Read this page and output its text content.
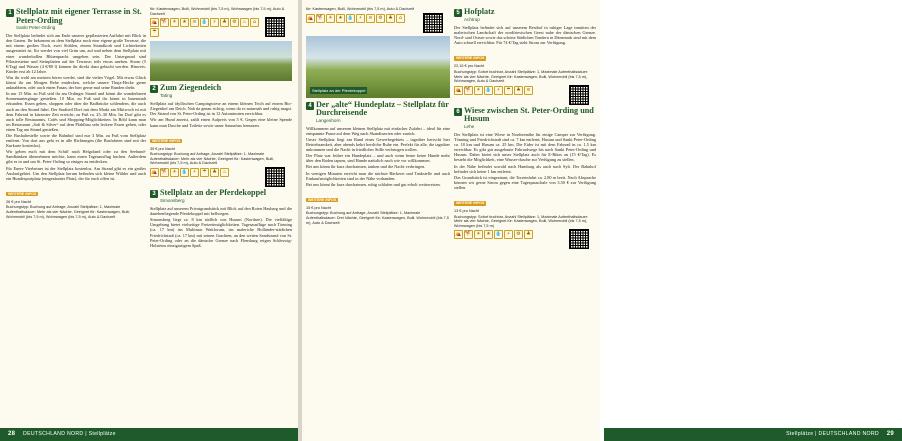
1 Stellplatz mit eigener Terrasse in St. Peter-Ording
Sankt Peter-Ording

Der Stellplatz befindet sich am Ende unserer gepflasterten Auffahrt mit Blick in den Garten. Ihr bekommt zu dem Stellplatz noch eine eigene große Terrasse, die mit einem großen Tisch, zwei Stühlen, einem Strandkorb und Lichterketten ausgestattet ist. Ihr werdet von viel Grün um, auf und neben dem Stellplatz mit einer wunderbollen Blütenpracht umgeben sein. Der Untergrund sind Pflastersteine und Steinplatten auf der Terrasse; teils etwas uneben. Strom (5 €/Tag) und Wasser (4 €/80 l) können ihr direkt dazu gebucht werden. Hinweis: Kinder erst ab 12 Jahre.

Was ihr wohl am meisten hören werdet, sind die vielen Vögel. Mit etwas Glück könnt ihr am Morgen Rehe entdecken, welche unsere Thuja-Hecke gerne anknabbern, oder auch einen Fasan, der hier gerne mal seine Runden dreht.

In nur 15 Min. zu Fuß seid ihr am Ordinger Strand und könnt die wunderbaren Sonnenuntergänge genießen. 10 Min. zu Fuß und ihr könnt in Innenstadt erkunden. Essen gehen, shoppen oder über die Badbrücke schlendern, die auch auch an den Strand führt. Der Stadtteil Dorf mit dem Markt am Mittwoch ist mit dem Fahrrad in kürzester Zeit erreicht; zu Fuß ca. 25–30 Min. Im Dorf gibt es auch tolle Restaurants, Cafés und Shopping-Möglichkeiten. In Böhl kann man im Restaurant „Salt & Silver“ auf dem Pfahlbau sehr leckere Essen gehen, oder einen Tag am Strand genießen.

Die Bushaltestelle sowie die Bahnhof sind nur 3 Min. zu Fuß vom Stellplatz entfernt. Von dort aus geht es in alle Richtungen (die Busfahrten sind mit der Kurkarte kostenlos).

Wir geben euch mit dem Schiff nach Helgoland oder zu den Seehund-Sandbänken übernehmen möchte, kann einen Tagesausflug buchen. Außerdem gibt es in und um St. Peter-Ording so einiges zu entdecken.

Für Euere Vierbeiner ist der Stellplatz kostenlos. Am Strand gibt es ein großes Auslaufgebiet. Um den Stellplatz herum befinden sich kleine Wälder und auch ein Hundesportplatz (eingezäunter Platz), der für euch offen ist.

WEITERE INFOS
26 € pro Nacht
Buchungstyp: Buchung auf Anfrage, Anzahl Stellplätze: 1, Maximale Aufenthaltsdauer: Mehr als vier Nächte, Geeignet für: Kastenwagen, Bulli, Wohnmobil (bis 7,5 m), Wohnwagen (bis 7,5 m), Auto & Dachzelt
für: Kastenwagen, Bulli, Wohnmobil (bis 7,5 m), Wohnwagen (bis 7,5 m), Auto & Dachzelt
⛺ 🐕 ☀	★	≋ 💧	⚡	♣	⚙	♨	⌂
☂
2 Zum Ziegendeich
Tating

Stellplatz auf idyllischen Campingwiese an einem kleinen Teich auf einem Bio-Ziegenhof am Deich. Nah da genau richtig, wenn du es naturnah und ruhig magst. Der Strand von St. Peter-Ording ist in 12 Autominuten erreichbar.

Wir am Hund anreist, zahlt einen Aufpreis von 5 €. Gegen eine kleine Spende kann man Dusche und Toilette sowie unser Saunafass benutzen.

WEITERE INFOS
35 € pro Nacht
Buchungstyp: Buchung auf Anfrage, Anzahl Stellplätze: 1, Maximale Aufenthaltsdauer: Mehr als vier Nächte, Geeignet für: Kastenwagen, Bulli, Wohnmobil (bis 7,5 m), Auto & Dachzelt
⛺ 🐕 ☀ 💧	⚡	☂	♣	♨
3 Stellplatz an der Pferdekoppel
Simonsberg

Stellplatz auf unserem Privatgrundstück mit Blick auf den Roten Haubarg und die danebenliegende Pferdekoppel mit bellwegen.

Simonsberg liegt ca. 8 km südlich von Husum (Nordsee). Die vielfältige Umgebung bietet vielseitige Freizeitmöglichkeiten. Tagesausflüge nach Tönning (ca. 17 km) ins Multimar Wattforum, ins maleriche Holländer-städtchen Friedrichstadt (ca. 17 km) mit seinen Grachten, an den weiten Sandstrand von St. Peter-Ording oder an die dänische Grenze nach Flensburg reigen Schleswig-Holsteins einzigartigem Spaß.

28 DEUTSCHLAND NORD | Stellplätze
für: Kastenwagen, Bulli, Wohnmobil (bis 7,5 m), Auto & Dachzelt
⛺ 🐕 ☀	★ 💧	⚡	≋	⚙	♣	⌂
Stellplatz an der Pferdekoppel
4 Der „alte“ Hundeplatz – Stellplatz für Durchreisende
Langenhorn

Willkommen auf unserem kleinen Stellplatz mit einfacher Zufahrt – ideal für eine entspannte Pause auf dem Weg nach Skandinavien oder zurück.

Unser Stellplatz liegt am Rand eines Gewerbegebiets – tagsüber herrscht hier Betriebsamkeit, aber abends kehrt herrliche Ruhe ein. Perfekt für alle, die tagsüber unkommen und die Nacht in friedlicher Stille verbringen wollen.

Der Platz war früher ein Hundeplatz – und auch wenn heute keine Hunde mehr über den Boden tapsen, sind Hunde natürlich nach wie vor willkommen.

Bei uns könnt ihr kurz durchatmen, tanken und die Nacht verbringen.

In wenigen Minuten erreicht man die nächste Bäckerei und Tankstelle und auch Einkaufsmöglichkeiten sind in der Nähe vorhanden.

Bei uns könnt ihr kurz durchatmen, ruhig schlafen und gut erholt weiterreisen.

WEITERE INFOS
15 € pro Nacht
Buchungstyp: Buchung auf Anfrage, Anzahl Stellplätze: 1, Maximale Aufenthaltsdauer: Drei Nächte, Geeignet für: Kastenwagen, Bulli, Wohnmobil (bis 7,5 m), Auto & Dachzelt
5 Hofplatz
Achtrup

Der Stellplatz befindet sich auf unserem Resthof in ruhiger Lage inmitten der malerischen Landschaft der nordfriesischen Geest nahe der dänischen Grenze. Nord- und Ostsee sowie das schöne Städtchen Tondern in Dänemark sind mit dem Auto schnell erreichbar. Für 74 €/Tag steht Strom zur Verfügung.

WEITERE INFOS
22,15 € pro Nacht
Buchungstyp: Sofort buchbar, Anzahl Stellplätze: 1, Maximale Aufenthaltsdauer: Mehr als vier Nächte, Geeignet für: Kastenwagen, Bulli, Wohnmobil (bis 7,5 m), Wohnwagen, Auto & Dachzelt
⛺ 🐕 ☀ 💧	⚡	☂	♣	≋
6 Wiese zwischen St. Peter-Ording und Husum
Lehe

Der Stellplatz ist eine Wiese in Nordseenähe für einige Camper zur Verfügung. Tönning und Friedrichstadt sind ca. 7 km entfernt, Husum und Sankt Peter-Ording ca. 18 km und Husum ca. 25 km. Die Eider ist mit dem Fahrrad in ca. 1,5 km erreichbar. Es gibt gut ausgebaute Fahrradwege bis nach Sankt Peter-Ording und Husum. Daher bietet sich unser Stellplatz auch für E-Bikes an (15 €/Tag). Es besteht die Möglichkeit, eine Wasser-dusche zur Verfügung zu stellen.

In der Nähe befindet sowohl nach Hamburg als auch nach Sylt. Der Bahnhof befindet sich keine 1 km entfernt.

Das Grundstück ist eingezäunt, die Torreinfahrt ca. 2,80 m breit. Nach Absprache können wir gerne Strom gegen eine Tagespauschale von 3,50 € zur Verfügung stellen.

WEITERE INFOS
13 € pro Nacht
Buchungstyp: Sofort buchbar, Anzahl Stellplätze: 1, Maximale Aufenthaltsdauer: Mehr als vier Nächte, Geeignet für: Kastenwagen, Bulli, Wohnmobil (bis 7,5 m), Wohnwagen (bis 7,5 m)
⛺ 🐕 ☀	★ 💧	⚡	⚙	♣
Stellplätze | DEUTSCHLAND NORD 29
